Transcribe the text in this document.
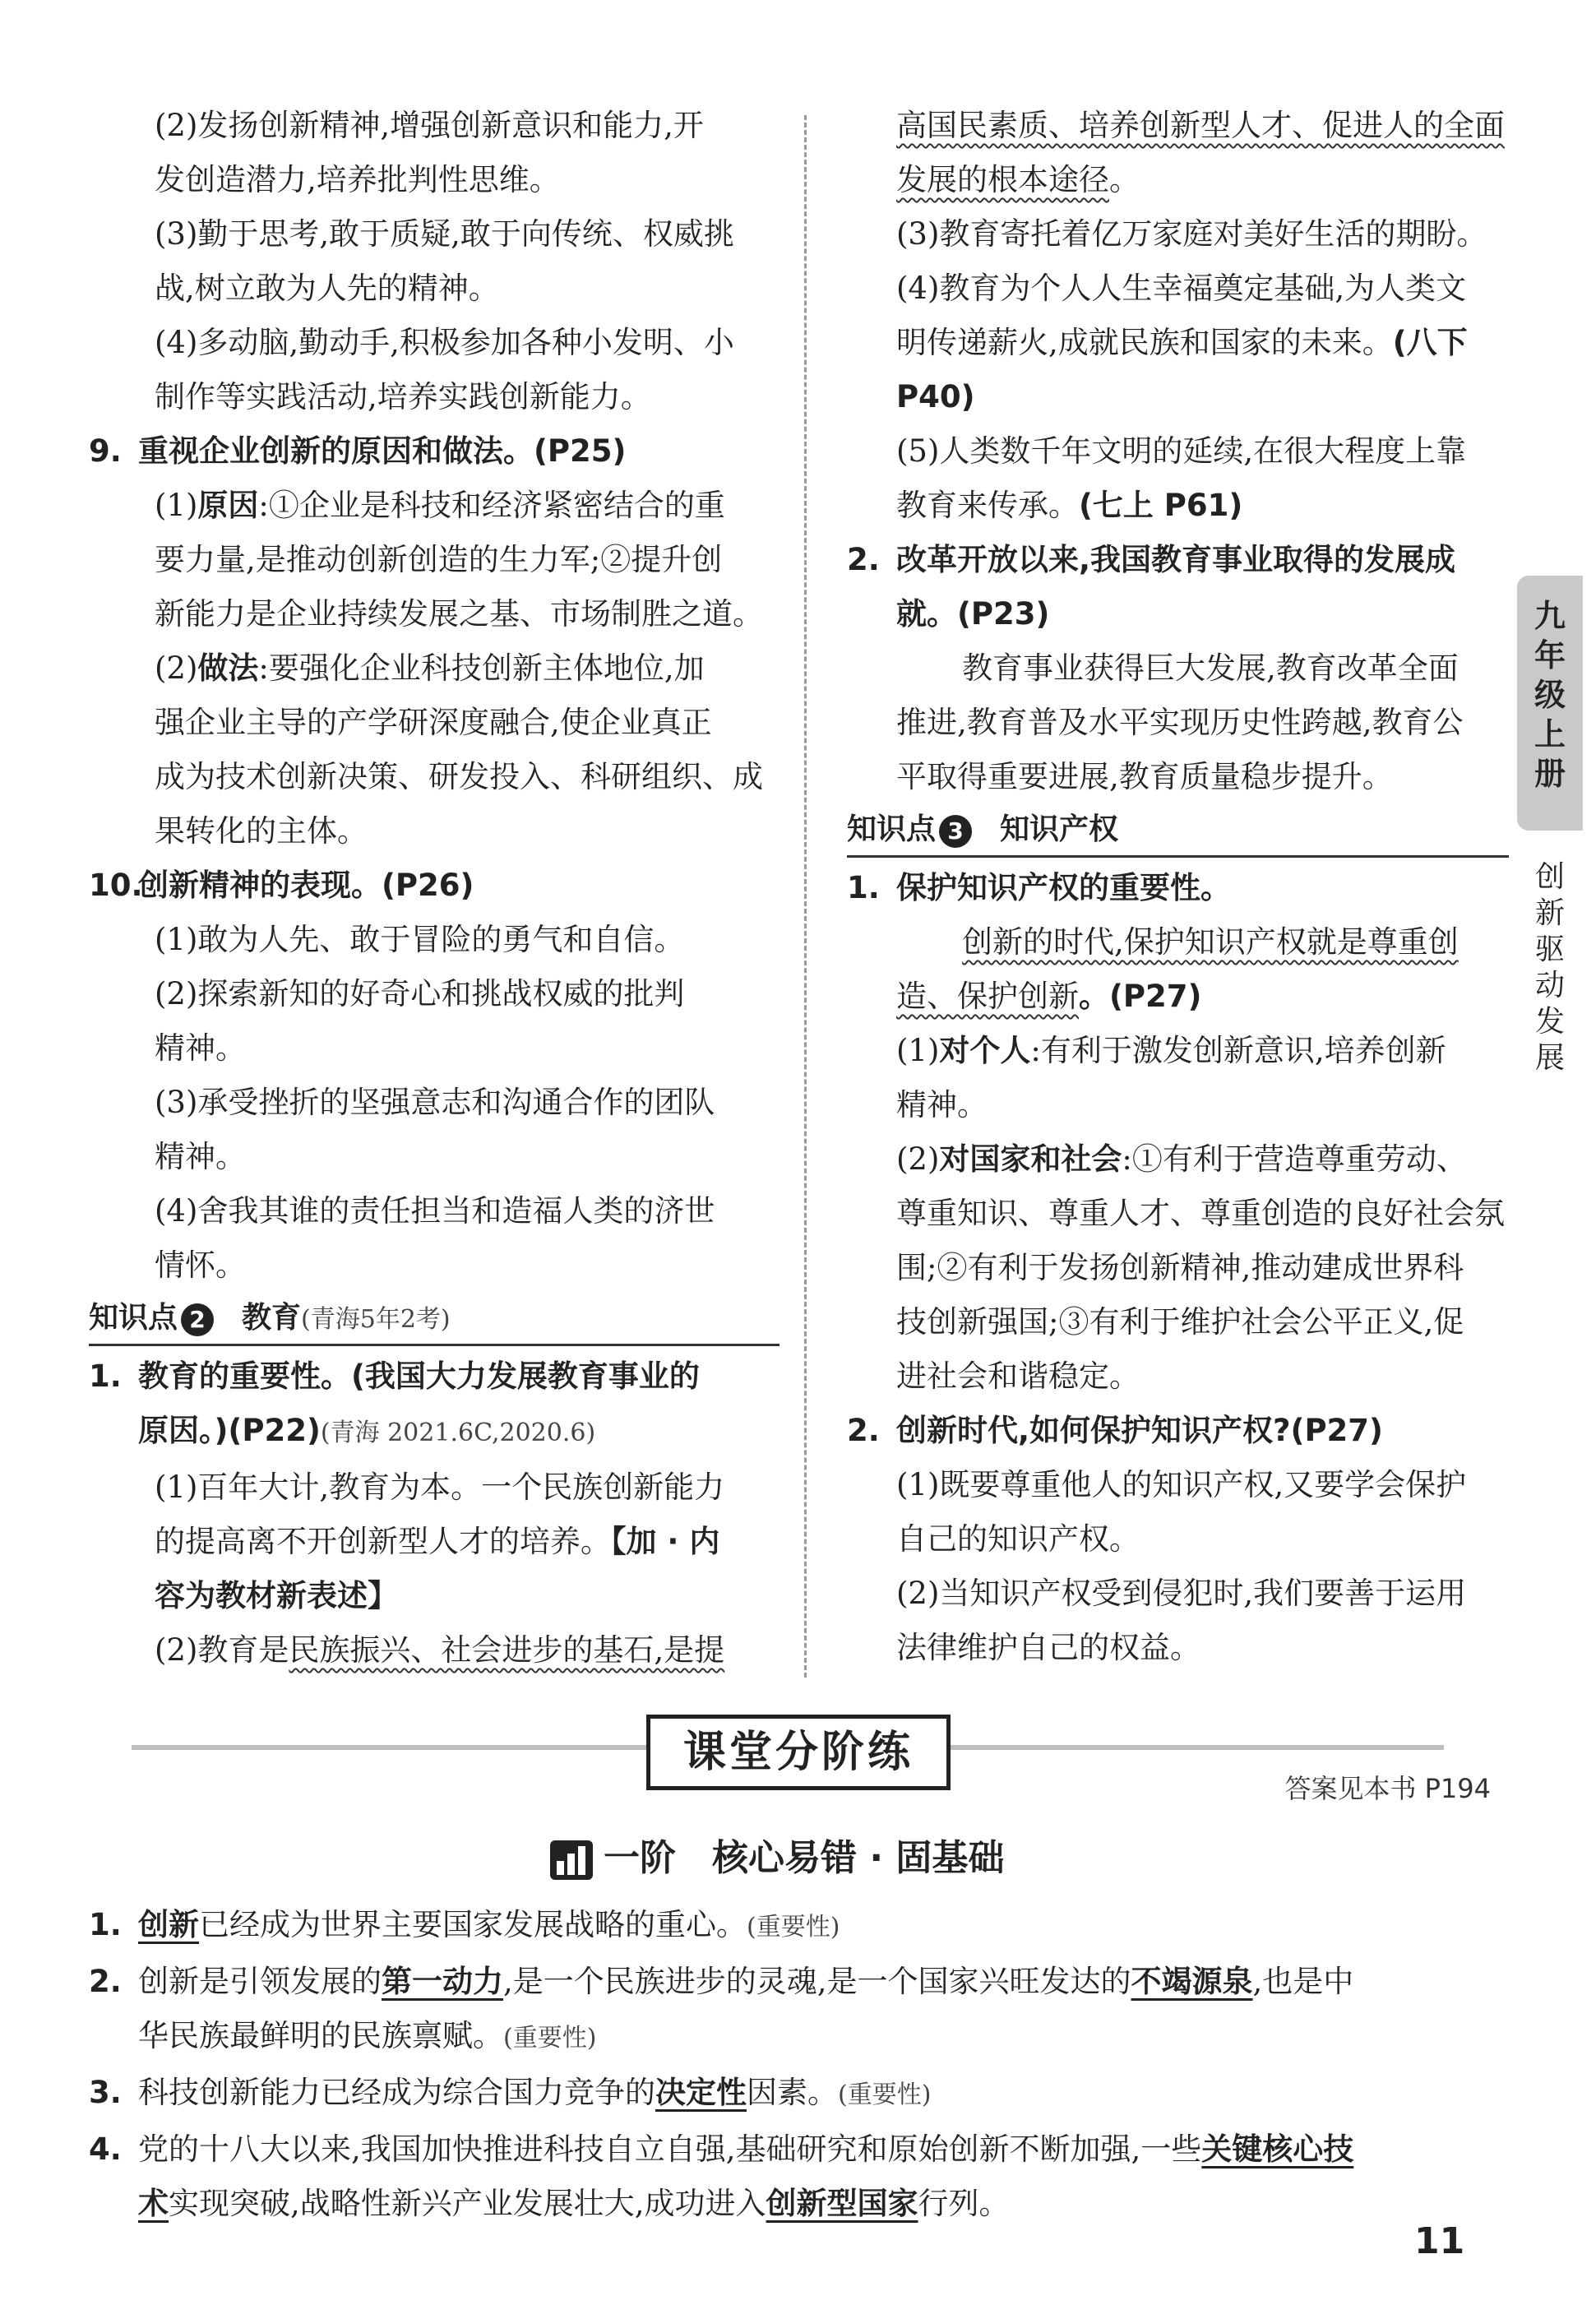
(2)发扬创新精神,增强创新意识和能力,开
发创造潜力,培养批判性思维。
(3)勤于思考,敢于质疑,敢于向传统、权威挑
战,树立敢为人先的精神。
(4)多动脑,勤动手,积极参加各种小发明、小
制作等实践活动,培养实践创新能力。
9. 重视企业创新的原因和做法。(P25)
(1)原因:①企业是科技和经济紧密结合的重
要力量,是推动创新创造的生力军;②提升创
新能力是企业持续发展之基、市场制胜之道。
(2)做法:要强化企业科技创新主体地位,加
强企业主导的产学研深度融合,使企业真正
成为技术创新决策、研发投入、科研组织、成
果转化的主体。
10.创新精神的表现。(P26)
(1)敢为人先、敢于冒险的勇气和自信。
(2)探索新知的好奇心和挑战权威的批判
精神。
(3)承受挫折的坚强意志和沟通合作的团队
精神。
(4)舍我其谁的责任担当和造福人类的济世
情怀。
知识点 2 教育(青海5年2考)
1. 教育的重要性。(我国大力发展教育事业的
原因。)(P22)(青海 2021.6C,2020.6)
(1)百年大计,教育为本。一个民族创新能力
的提高离不开创新型人才的培养。【加 · 内
容为教材新表述】
(2)教育是民族振兴、社会进步的基石,是提
高国民素质、培养创新型人才、促进人的全面
发展的根本途径。
(3)教育寄托着亿万家庭对美好生活的期盼。
(4)教育为个人人生幸福奠定基础,为人类文
明传递薪火,成就民族和国家的未来。(八下
P40)
(5)人类数千年文明的延续,在很大程度上靠
教育来传承。(七上 P61)
2. 改革开放以来,我国教育事业取得的发展成
就。(P23)
教育事业获得巨大发展,教育改革全面
推进,教育普及水平实现历史性跨越,教育公
平取得重要进展,教育质量稳步提升。
知识点 3 知识产权
1. 保护知识产权的重要性。
创新的时代,保护知识产权就是尊重创
造、保护创新。(P27)
(1)对个人:有利于激发创新意识,培养创新
精神。
(2)对国家和社会:①有利于营造尊重劳动、
尊重知识、尊重人才、尊重创造的良好社会氛
围;②有利于发扬创新精神,推动建成世界科
技创新强国;③有利于维护社会公平正义,促
进社会和谐稳定。
2. 创新时代,如何保护知识产权?(P27)
(1)既要尊重他人的知识产权,又要学会保护
自己的知识产权。
(2)当知识产权受到侵犯时,我们要善于运用
法律维护自己的权益。
九年级上册
创新驱动发展
课堂分阶练
答案见本书 P194
一阶 核心易错 · 固基础
1. 创新已经成为世界主要国家发展战略的重心。(重要性)
2. 创新是引领发展的第一动力,是一个民族进步的灵魂,是一个国家兴旺发达的不竭源泉,也是中
华民族最鲜明的民族禀赋。(重要性)
3. 科技创新能力已经成为综合国力竞争的决定性因素。(重要性)
4. 党的十八大以来,我国加快推进科技自立自强,基础研究和原始创新不断加强,一些关键核心技
术实现突破,战略性新兴产业发展壮大,成功进入创新型国家行列。
11
